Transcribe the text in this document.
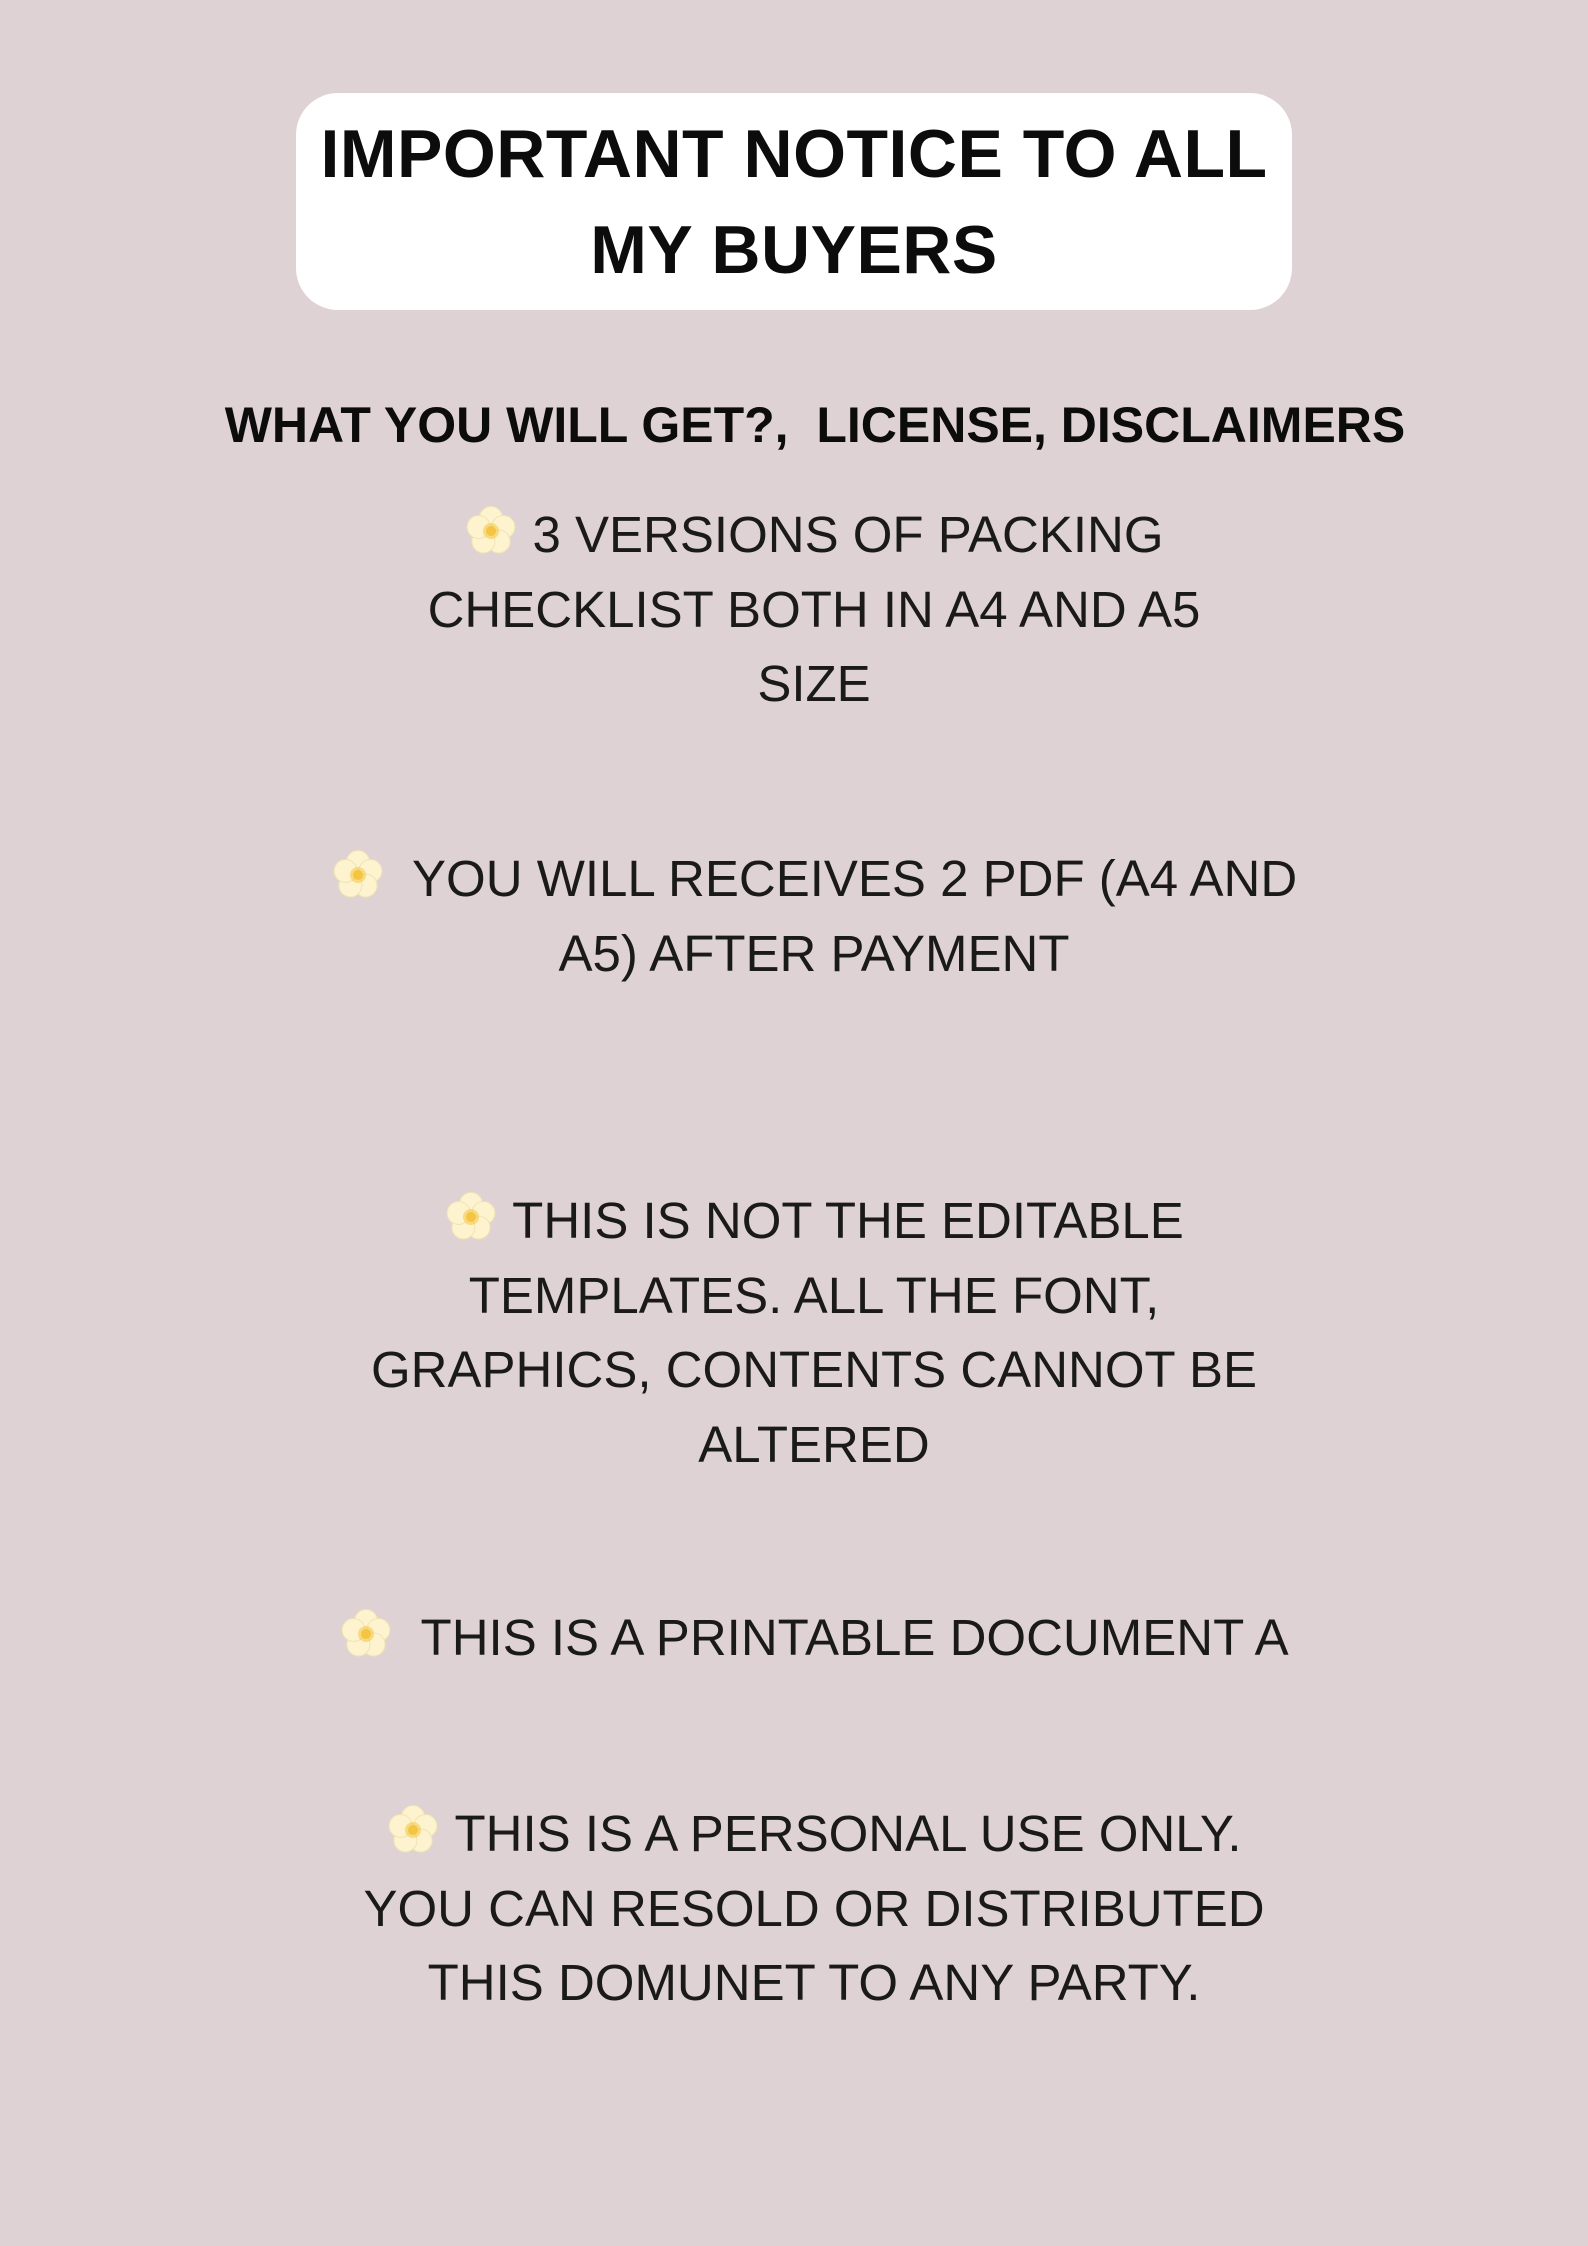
IMPORTANT NOTICE TO ALL
MY BUYERS

WHAT YOU WILL GET?,  LICENSE, DISCLAIMERS

3 VERSIONS OF PACKING
CHECKLIST BOTH IN A4 AND A5
SIZE
YOU WILL RECEIVES 2 PDF (A4 AND
A5) AFTER PAYMENT
THIS IS NOT THE EDITABLE
TEMPLATES. ALL THE FONT,
GRAPHICS, CONTENTS CANNOT BE
ALTERED
THIS IS A PRINTABLE DOCUMENT A
THIS IS A PERSONAL USE ONLY.
YOU CAN RESOLD OR DISTRIBUTED
THIS DOMUNET TO ANY PARTY.
